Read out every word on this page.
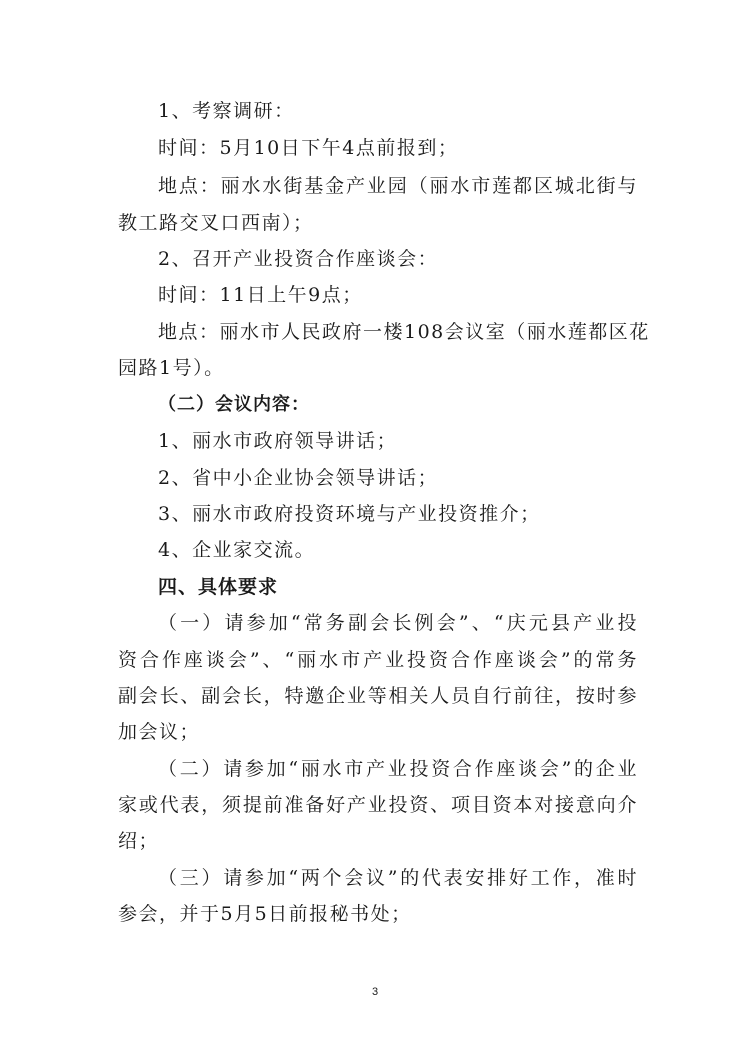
1、考察调研：
时间：5月10日下午4点前报到；
地点：丽水水街基金产业园（丽水市莲都区城北街与
教工路交叉口西南）；
2、召开产业投资合作座谈会：
时间：11日上午9点；
地点：丽水市人民政府一楼108会议室（丽水莲都区花
园路1号）。
（二）会议内容：
1、丽水市政府领导讲话；
2、省中小企业协会领导讲话；
3、丽水市政府投资环境与产业投资推介；
4、企业家交流。
四、具体要求
（一）请参加“常务副会长例会”、“庆元县产业投
资合作座谈会”、“丽水市产业投资合作座谈会”的常务
副会长、副会长，特邀企业等相关人员自行前往，按时参
加会议；
（二）请参加“丽水市产业投资合作座谈会”的企业
家或代表，须提前准备好产业投资、项目资本对接意向介
绍；
（三）请参加“两个会议”的代表安排好工作，准时
参会，并于5月5日前报秘书处；
3
